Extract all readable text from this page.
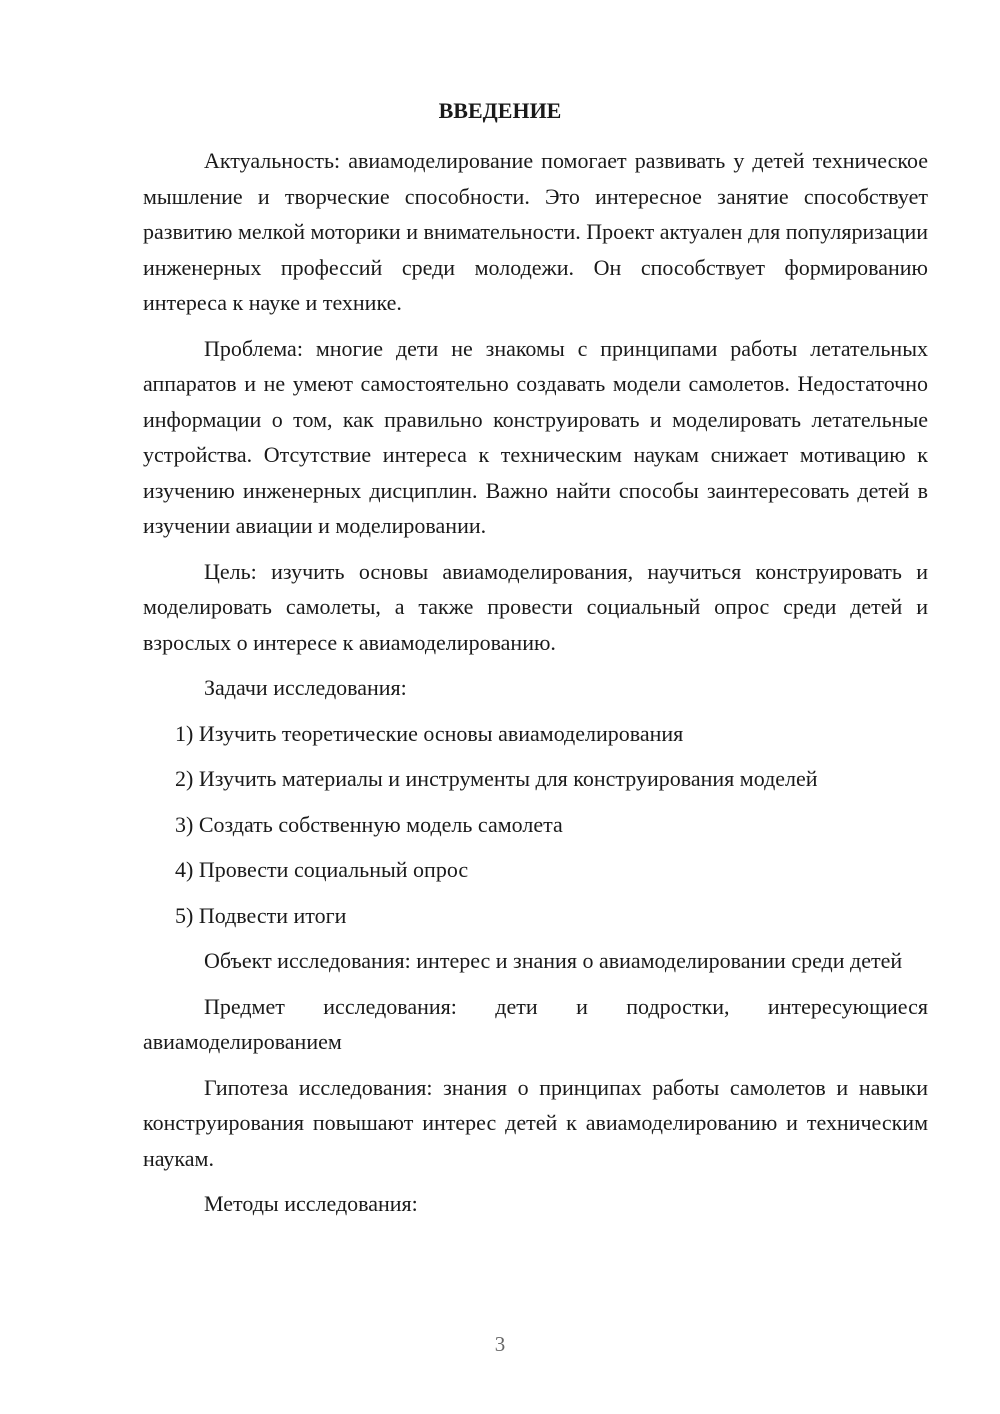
ВВЕДЕНИЕ

Актуальность: авиамоделирование помогает развивать у детей техническое мышление и творческие способности. Это интересное занятие способствует развитию мелкой моторики и внимательности. Проект актуален для популяризации инженерных профессий среди молодежи. Он способствует формированию интереса к науке и технике.

Проблема: многие дети не знакомы с принципами работы летательных аппаратов и не умеют самостоятельно создавать модели самолетов. Недостаточно информации о том, как правильно конструировать и моделировать летательные устройства. Отсутствие интереса к техническим наукам снижает мотивацию к изучению инженерных дисциплин. Важно найти способы заинтересовать детей в изучении авиации и моделировании.

Цель: изучить основы авиамоделирования, научиться конструировать и моделировать самолеты, а также провести социальный опрос среди детей и взрослых о интересе к авиамоделированию.

Задачи исследования:

1) Изучить теоретические основы авиамоделирования
2) Изучить материалы и инструменты для конструирования моделей
3) Создать собственную модель самолета
4) Провести социальный опрос
5) Подвести итоги

Объект исследования: интерес и знания о авиамоделировании среди детей

Предмет исследования: дети и подростки, интересующиеся авиамоделированием

Гипотеза исследования: знания о принципах работы самолетов и навыки конструирования повышают интерес детей к авиамоделированию и техническим наукам.

Методы исследования:

3
